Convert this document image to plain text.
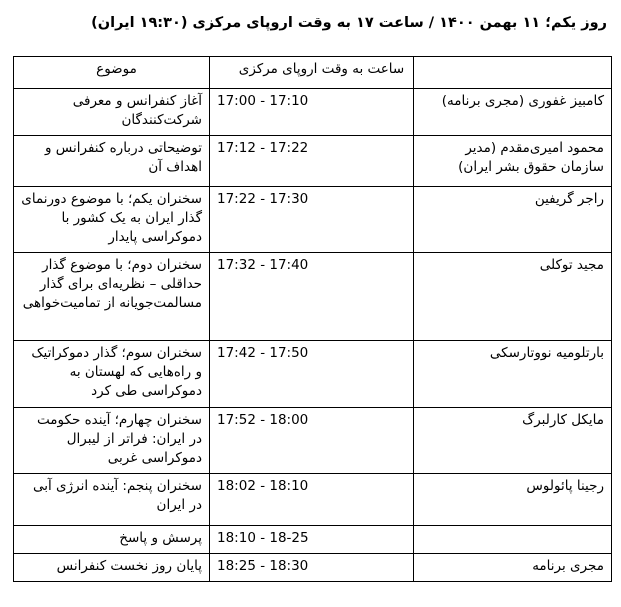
روز یکم؛ ۱۱ بهمن ۱۴۰۰ / ساعت ۱۷ به وقت اروپای مرکزی (۱۹:۳۰ ایران)

	ساعت به وقت اروپای مرکزی	موضوع

کامبیز غفوری (مجری برنامه)	17:00 - 17:10	آغاز کنفرانس و معرفی شرکت‌کنندگان
محمود امیری‌مقدم (مدیر سازمان حقوق بشر ایران)	17:12 - 17:22	توضیحاتی درباره کنفرانس و اهداف آن
راجر گریفین	17:22 - 17:30	سخنران یکم؛ با موضوع دورنمای گذار ایران به یک کشور با دموکراسی پایدار
مجید توکلی	17:32 - 17:40	سخنران دوم؛ با موضوع گذار حداقلی – نظریه‌ای برای گذار مسالمت‌جویانه از تمامیت‌خواهی
بارتلومیه نووتارسکی	17:42 - 17:50	سخنران سوم؛ گذار دموکراتیک و راه‌هایی که لهستان به دموکراسی طی کرد
مایکل کارلبرگ	17:52 - 18:00	سخنران چهارم؛ آینده حکومت در ایران: فراتر از لیبرال دموکراسی غربی
رجینا پائولوس	18:02 - 18:10	سخنران پنجم: آینده انرژی آبی در ایران

	18:10 - 18-25	پرسش و پاسخ
مجری برنامه	18:25 - 18:30	پایان روز نخست کنفرانس
